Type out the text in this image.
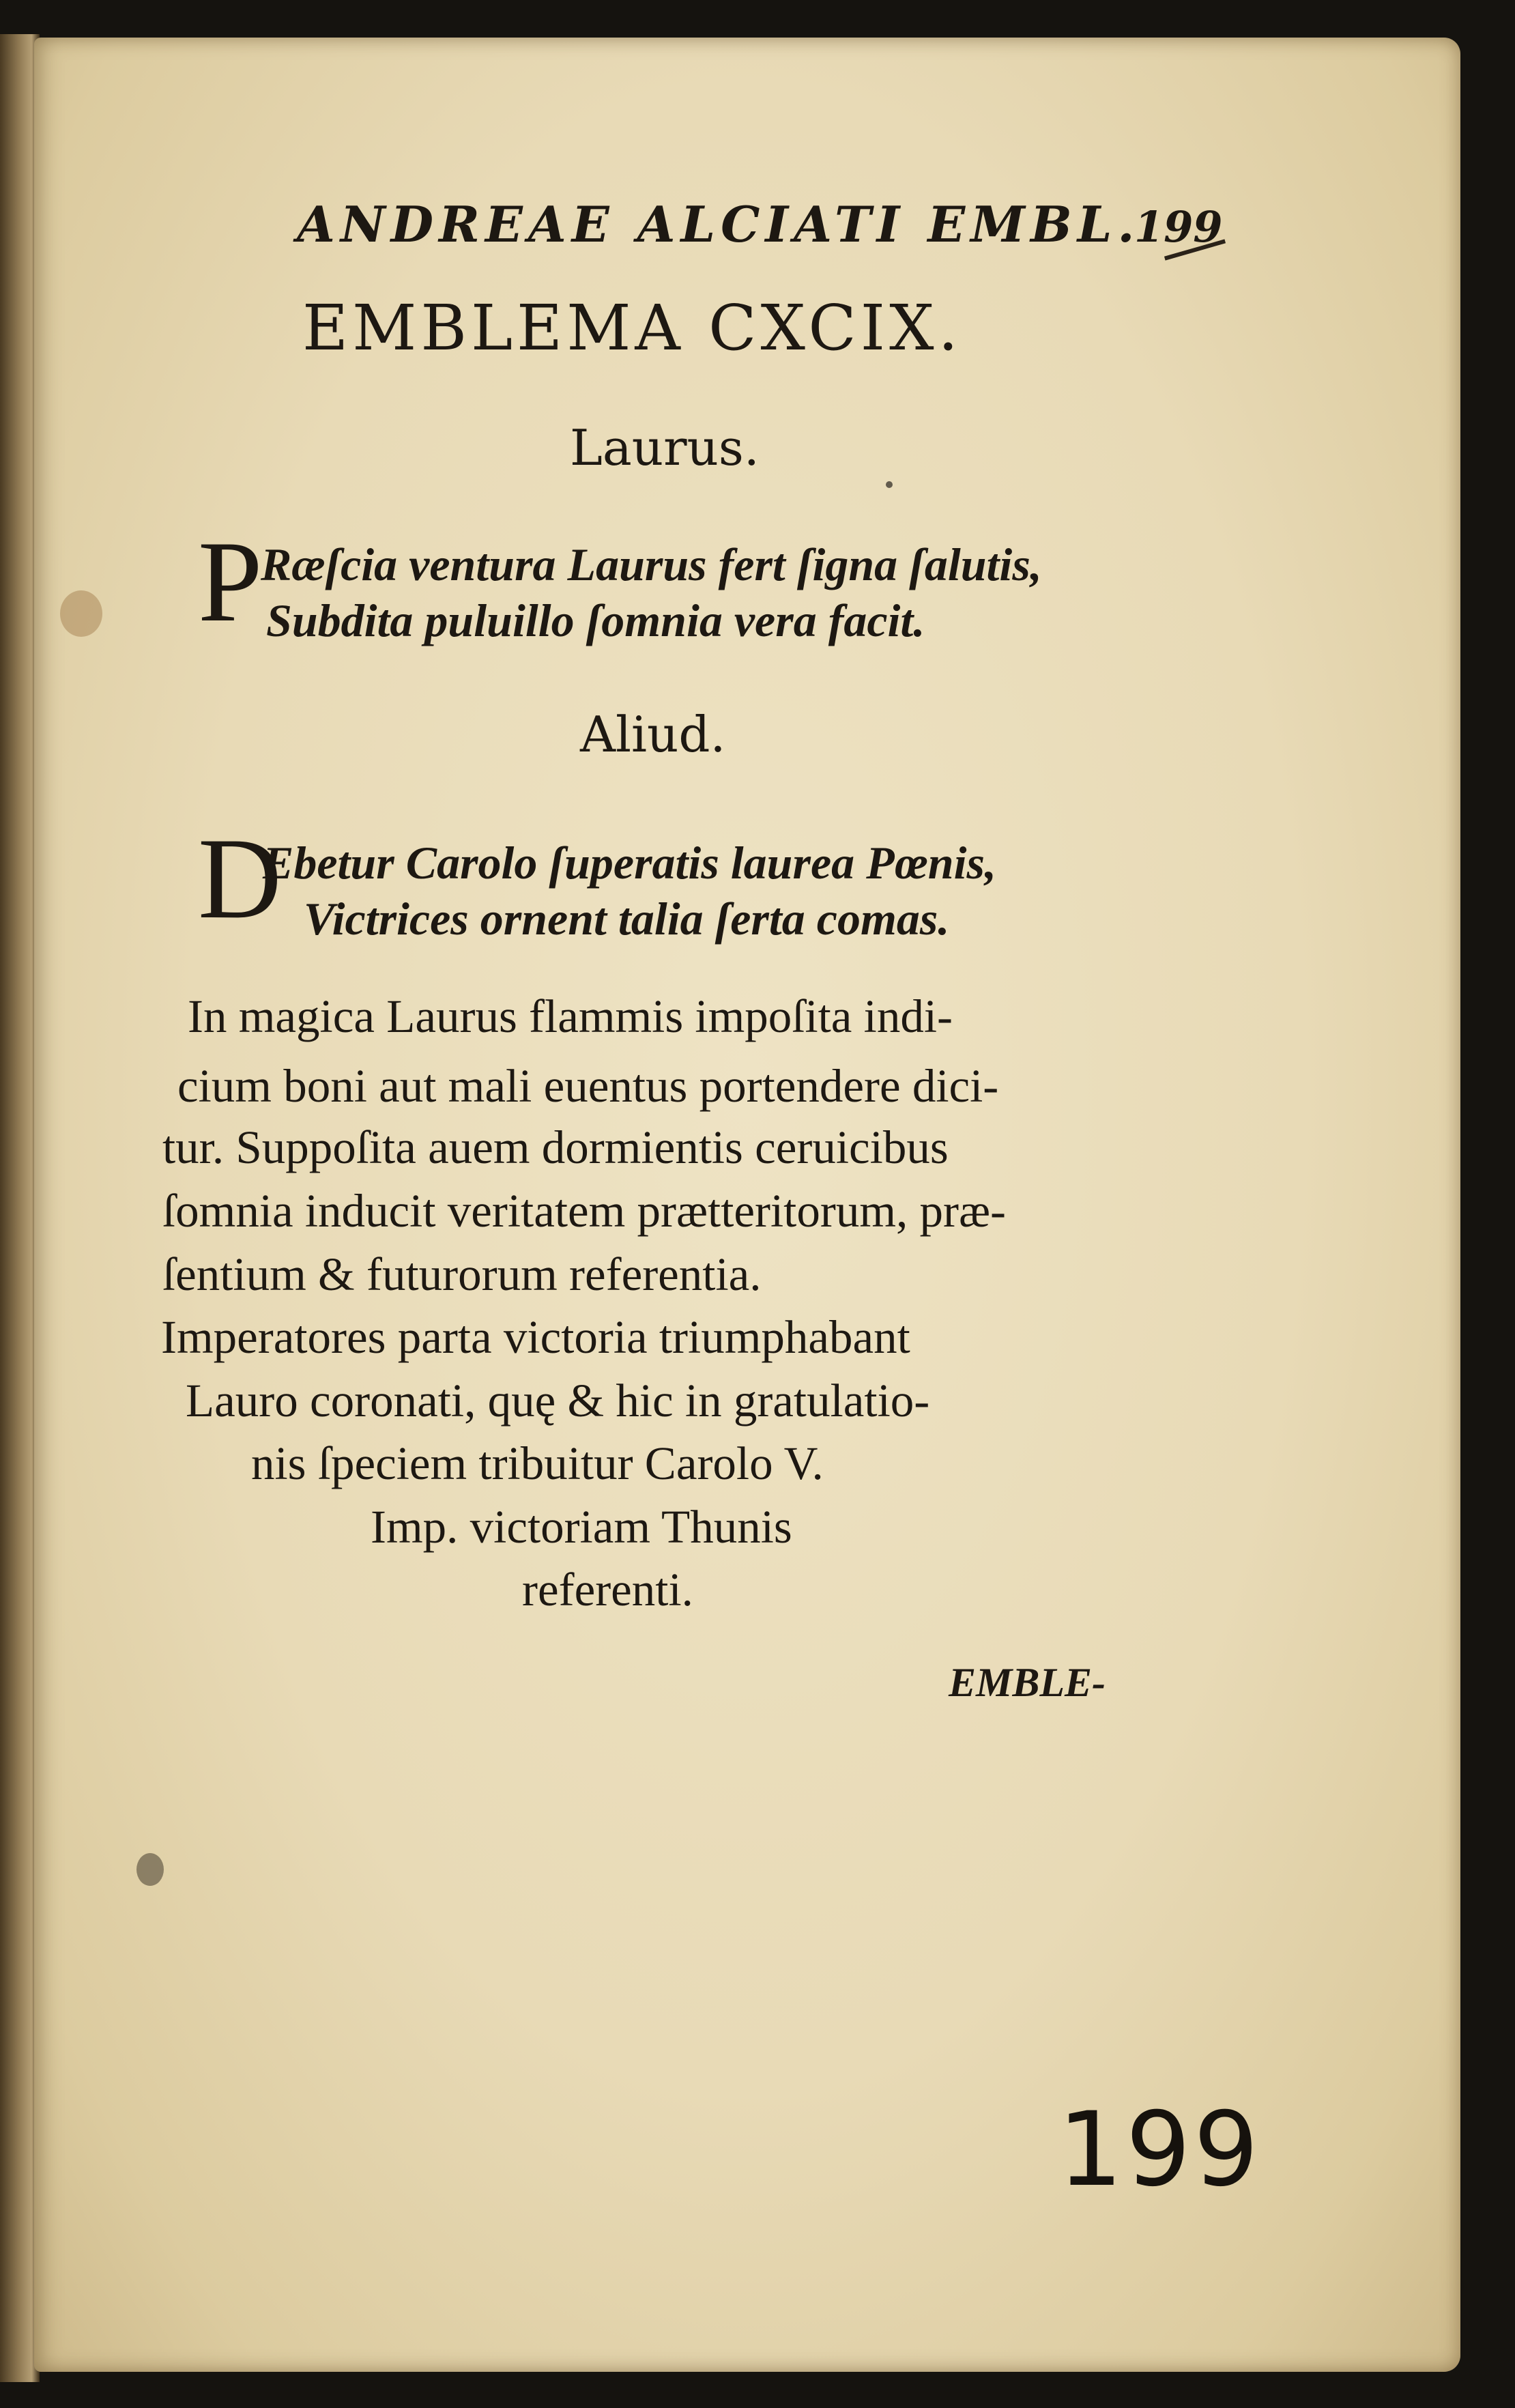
ANDREAE ALCIATI EMBL.
199
EMBLEMA CXCIX.
Laurus.
P
Ræſcia ventura Laurus fert ſigna ſalutis,
Subdita puluillo ſomnia vera facit.
Aliud.
D
Ebetur Carolo ſuperatis laurea Pœnis,
Victrices ornent talia ſerta comas.
In magica Laurus flammis impoſita indi-
cium boni aut mali euentus portendere dici-
tur. Suppoſita auem dormientis ceruicibus
ſomnia inducit veritatem prætteritorum, præ-
ſentium & futurorum referentia.
Imperatores parta victoria triumphabant
Lauro coronati, quę & hic in gratulatio-
nis ſpeciem tribuitur Carolo V.
Imp. victoriam Thunis
referenti.
EMBLE-
199
